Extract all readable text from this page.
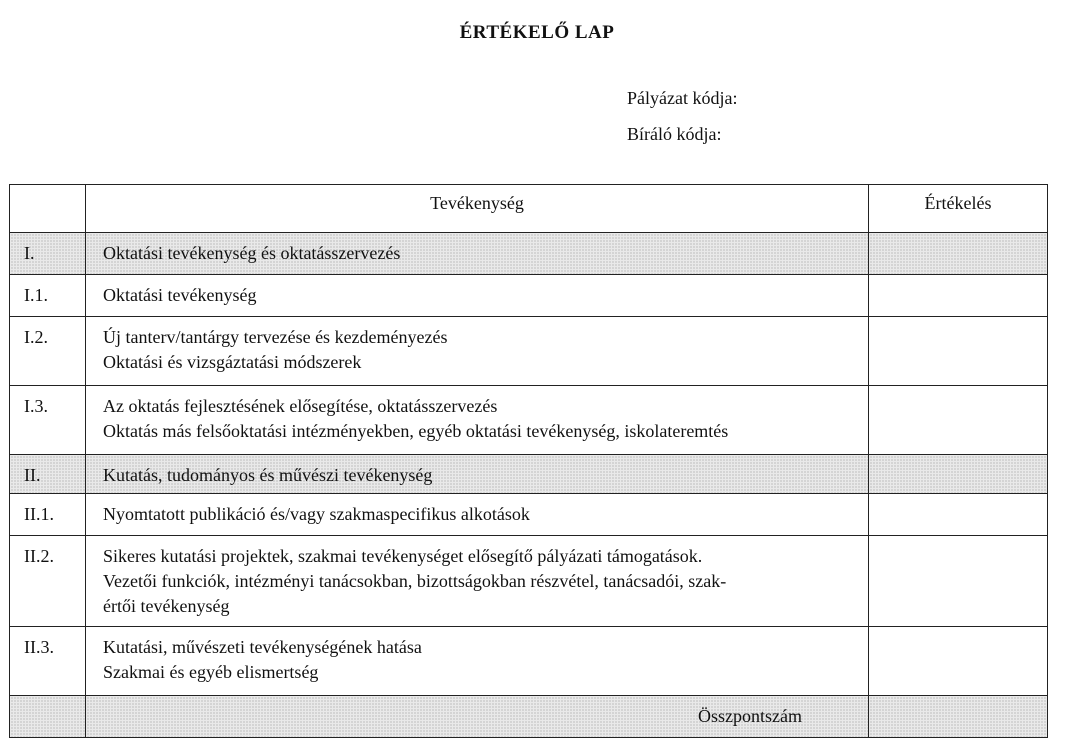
ÉRTÉKELŐ LAP
Pályázat kódja:
Bíráló kódja:
	Tevékenység	Értékelés
I.	Oktatási tevékenység és oktatásszervezés	

I.1.	Oktatási tevékenység	

I.2.	Új tanterv/tantárgy tervezése és kezdeményezés
Oktatási és vizsgáztatási módszerek	

I.3.	Az oktatás fejlesztésének elősegítése, oktatásszervezés
Oktatás más felsőoktatási intézményekben, egyéb oktatási tevékenység, iskolateremtés	

II.	Kutatás, tudományos és művészi tevékenység	

II.1.	Nyomtatott publikáció és/vagy szakmaspecifikus alkotások	

II.2.	Sikeres kutatási projektek, szakmai tevékenységet elősegítő pályázati támogatások.
Vezetői funkciók, intézményi tanácsokban, bizottságokban részvétel, tanácsadói, szak-
értői tevékenység	

II.3.	Kutatási, művészeti tevékenységének hatása
Szakmai és egyéb elismertség	

	Összpontszám	
